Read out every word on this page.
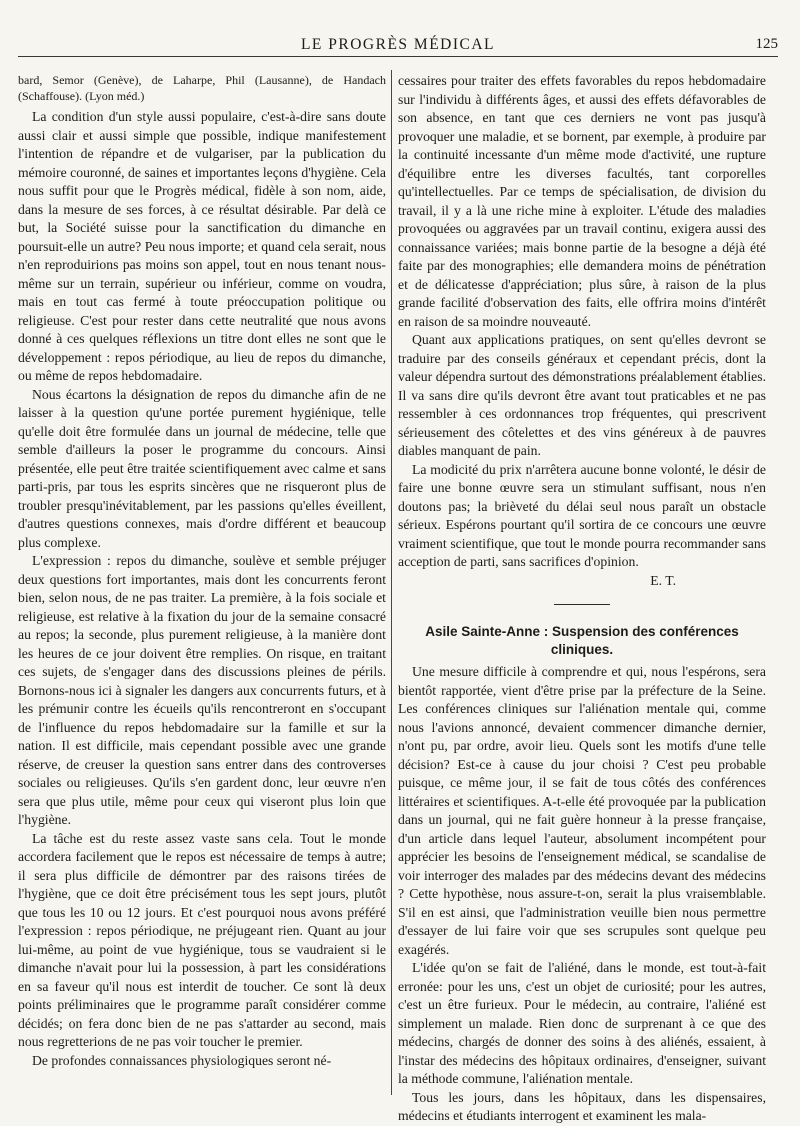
LE PROGRÈS MÉDICAL	125

bard, Semor (Genève), de Laharpe, Phil (Lausanne), de Handach (Schaffouse). (Lyon méd.)

La condition d'un style aussi populaire, c'est-à-dire sans doute aussi clair et aussi simple que possible, indique manifestement l'intention de répandre et de vulgariser, par la publication du mémoire couronné, de saines et importantes leçons d'hygiène. Cela nous suffit pour que le Progrès médical, fidèle à son nom, aide, dans la mesure de ses forces, à ce résultat désirable. Par delà ce but, la Société suisse pour la sanctification du dimanche en poursuit-elle un autre? Peu nous importe; et quand cela serait, nous n'en reproduirions pas moins son appel, tout en nous tenant nous-même sur un terrain, supérieur ou inférieur, comme on voudra, mais en tout cas fermé à toute préoccupation politique ou religieuse. C'est pour rester dans cette neutralité que nous avons donné à ces quelques réflexions un titre dont elles ne sont que le développement : repos périodique, au lieu de repos du dimanche, ou même de repos hebdomadaire.

Nous écartons la désignation de repos du dimanche afin de ne laisser à la question qu'une portée purement hygiénique, telle qu'elle doit être formulée dans un journal de médecine, telle que semble d'ailleurs la poser le programme du concours. Ainsi présentée, elle peut être traitée scientifiquement avec calme et sans parti-pris, par tous les esprits sincères que ne risqueront plus de troubler presqu'inévitablement, par les passions qu'elles éveillent, d'autres questions connexes, mais d'ordre différent et beaucoup plus complexe.

L'expression : repos du dimanche, soulève et semble préjuger deux questions fort importantes, mais dont les concurrents feront bien, selon nous, de ne pas traiter. La première, à la fois sociale et religieuse, est relative à la fixation du jour de la semaine consacré au repos; la seconde, plus purement religieuse, à la manière dont les heures de ce jour doivent être remplies. On risque, en traitant ces sujets, de s'engager dans des discussions pleines de périls. Bornons-nous ici à signaler les dangers aux concurrents futurs, et à les prémunir contre les écueils qu'ils rencontreront en s'occupant de l'influence du repos hebdomadaire sur la famille et sur la nation. Il est difficile, mais cependant possible avec une grande réserve, de creuser la question sans entrer dans des controverses sociales ou religieuses. Qu'ils s'en gardent donc, leur œuvre n'en sera que plus utile, même pour ceux qui viseront plus loin que l'hygiène.

La tâche est du reste assez vaste sans cela. Tout le monde accordera facilement que le repos est nécessaire de temps à autre; il sera plus difficile de démontrer par des raisons tirées de l'hygiène, que ce doit être précisément tous les sept jours, plutôt que tous les 10 ou 12 jours. Et c'est pourquoi nous avons préféré l'expression : repos périodique, ne préjugeant rien. Quant au jour lui-même, au point de vue hygiénique, tous se vaudraient si le dimanche n'avait pour lui la possession, à part les considérations en sa faveur qu'il nous est interdit de toucher. Ce sont là deux points préliminaires que le programme paraît considérer comme décidés; on fera donc bien de ne pas s'attarder au second, mais nous regretterions de ne pas voir toucher le premier.

De profondes connaissances physiologiques seront né-

cessaires pour traiter des effets favorables du repos hebdomadaire sur l'individu à différents âges, et aussi des effets défavorables de son absence, en tant que ces derniers ne vont pas jusqu'à provoquer une maladie, et se bornent, par exemple, à produire par la continuité incessante d'un même mode d'activité, une rupture d'équilibre entre les diverses facultés, tant corporelles qu'intellectuelles. Par ce temps de spécialisation, de division du travail, il y a là une riche mine à exploiter. L'étude des maladies provoquées ou aggravées par un travail continu, exigera aussi des connaissance variées; mais bonne partie de la besogne a déjà été faite par des monographies; elle demandera moins de pénétration et de délicatesse d'appréciation; plus sûre, à raison de la plus grande facilité d'observation des faits, elle offrira moins d'intérêt en raison de sa moindre nouveauté.

Quant aux applications pratiques, on sent qu'elles devront se traduire par des conseils généraux et cependant précis, dont la valeur dépendra surtout des démonstrations préalablement établies. Il va sans dire qu'ils devront être avant tout praticables et ne pas ressembler à ces ordonnances trop fréquentes, qui prescrivent sérieusement des côtelettes et des vins généreux à de pauvres diables manquant de pain.

La modicité du prix n'arrêtera aucune bonne volonté, le désir de faire une bonne œuvre sera un stimulant suffisant, nous n'en doutons pas; la brièveté du délai seul nous paraît un obstacle sérieux. Espérons pourtant qu'il sortira de ce concours une œuvre vraiment scientifique, que tout le monde pourra recommander sans acception de parti, sans sacrifices d'opinion.

E. T.
Asile Sainte-Anne : Suspension des conférences cliniques.

Une mesure difficile à comprendre et qui, nous l'espérons, sera bientôt rapportée, vient d'être prise par la préfecture de la Seine. Les conférences cliniques sur l'aliénation mentale qui, comme nous l'avions annoncé, devaient commencer dimanche dernier, n'ont pu, par ordre, avoir lieu. Quels sont les motifs d'une telle décision? Est-ce à cause du jour choisi ? C'est peu probable puisque, ce même jour, il se fait de tous côtés des conférences littéraires et scientifiques. A-t-elle été provoquée par la publication dans un journal, qui ne fait guère honneur à la presse française, d'un article dans lequel l'auteur, absolument incompétent pour apprécier les besoins de l'enseignement médical, se scandalise de voir interroger des malades par des médecins devant des médecins ? Cette hypothèse, nous assure-t-on, serait la plus vraisemblable. S'il en est ainsi, que l'administration veuille bien nous permettre d'essayer de lui faire voir que ses scrupules sont quelque peu exagérés.

L'idée qu'on se fait de l'aliéné, dans le monde, est tout-à-fait erronée: pour les uns, c'est un objet de curiosité; pour les autres, c'est un être furieux. Pour le médecin, au contraire, l'aliéné est simplement un malade. Rien donc de surprenant à ce que des médecins, chargés de donner des soins à des aliénés, essaient, à l'instar des médecins des hôpitaux ordinaires, d'enseigner, suivant la méthode commune, l'aliénation mentale.

Tous les jours, dans les hôpitaux, dans les dispensaires, médecins et étudiants interrogent et examinent les mala-
